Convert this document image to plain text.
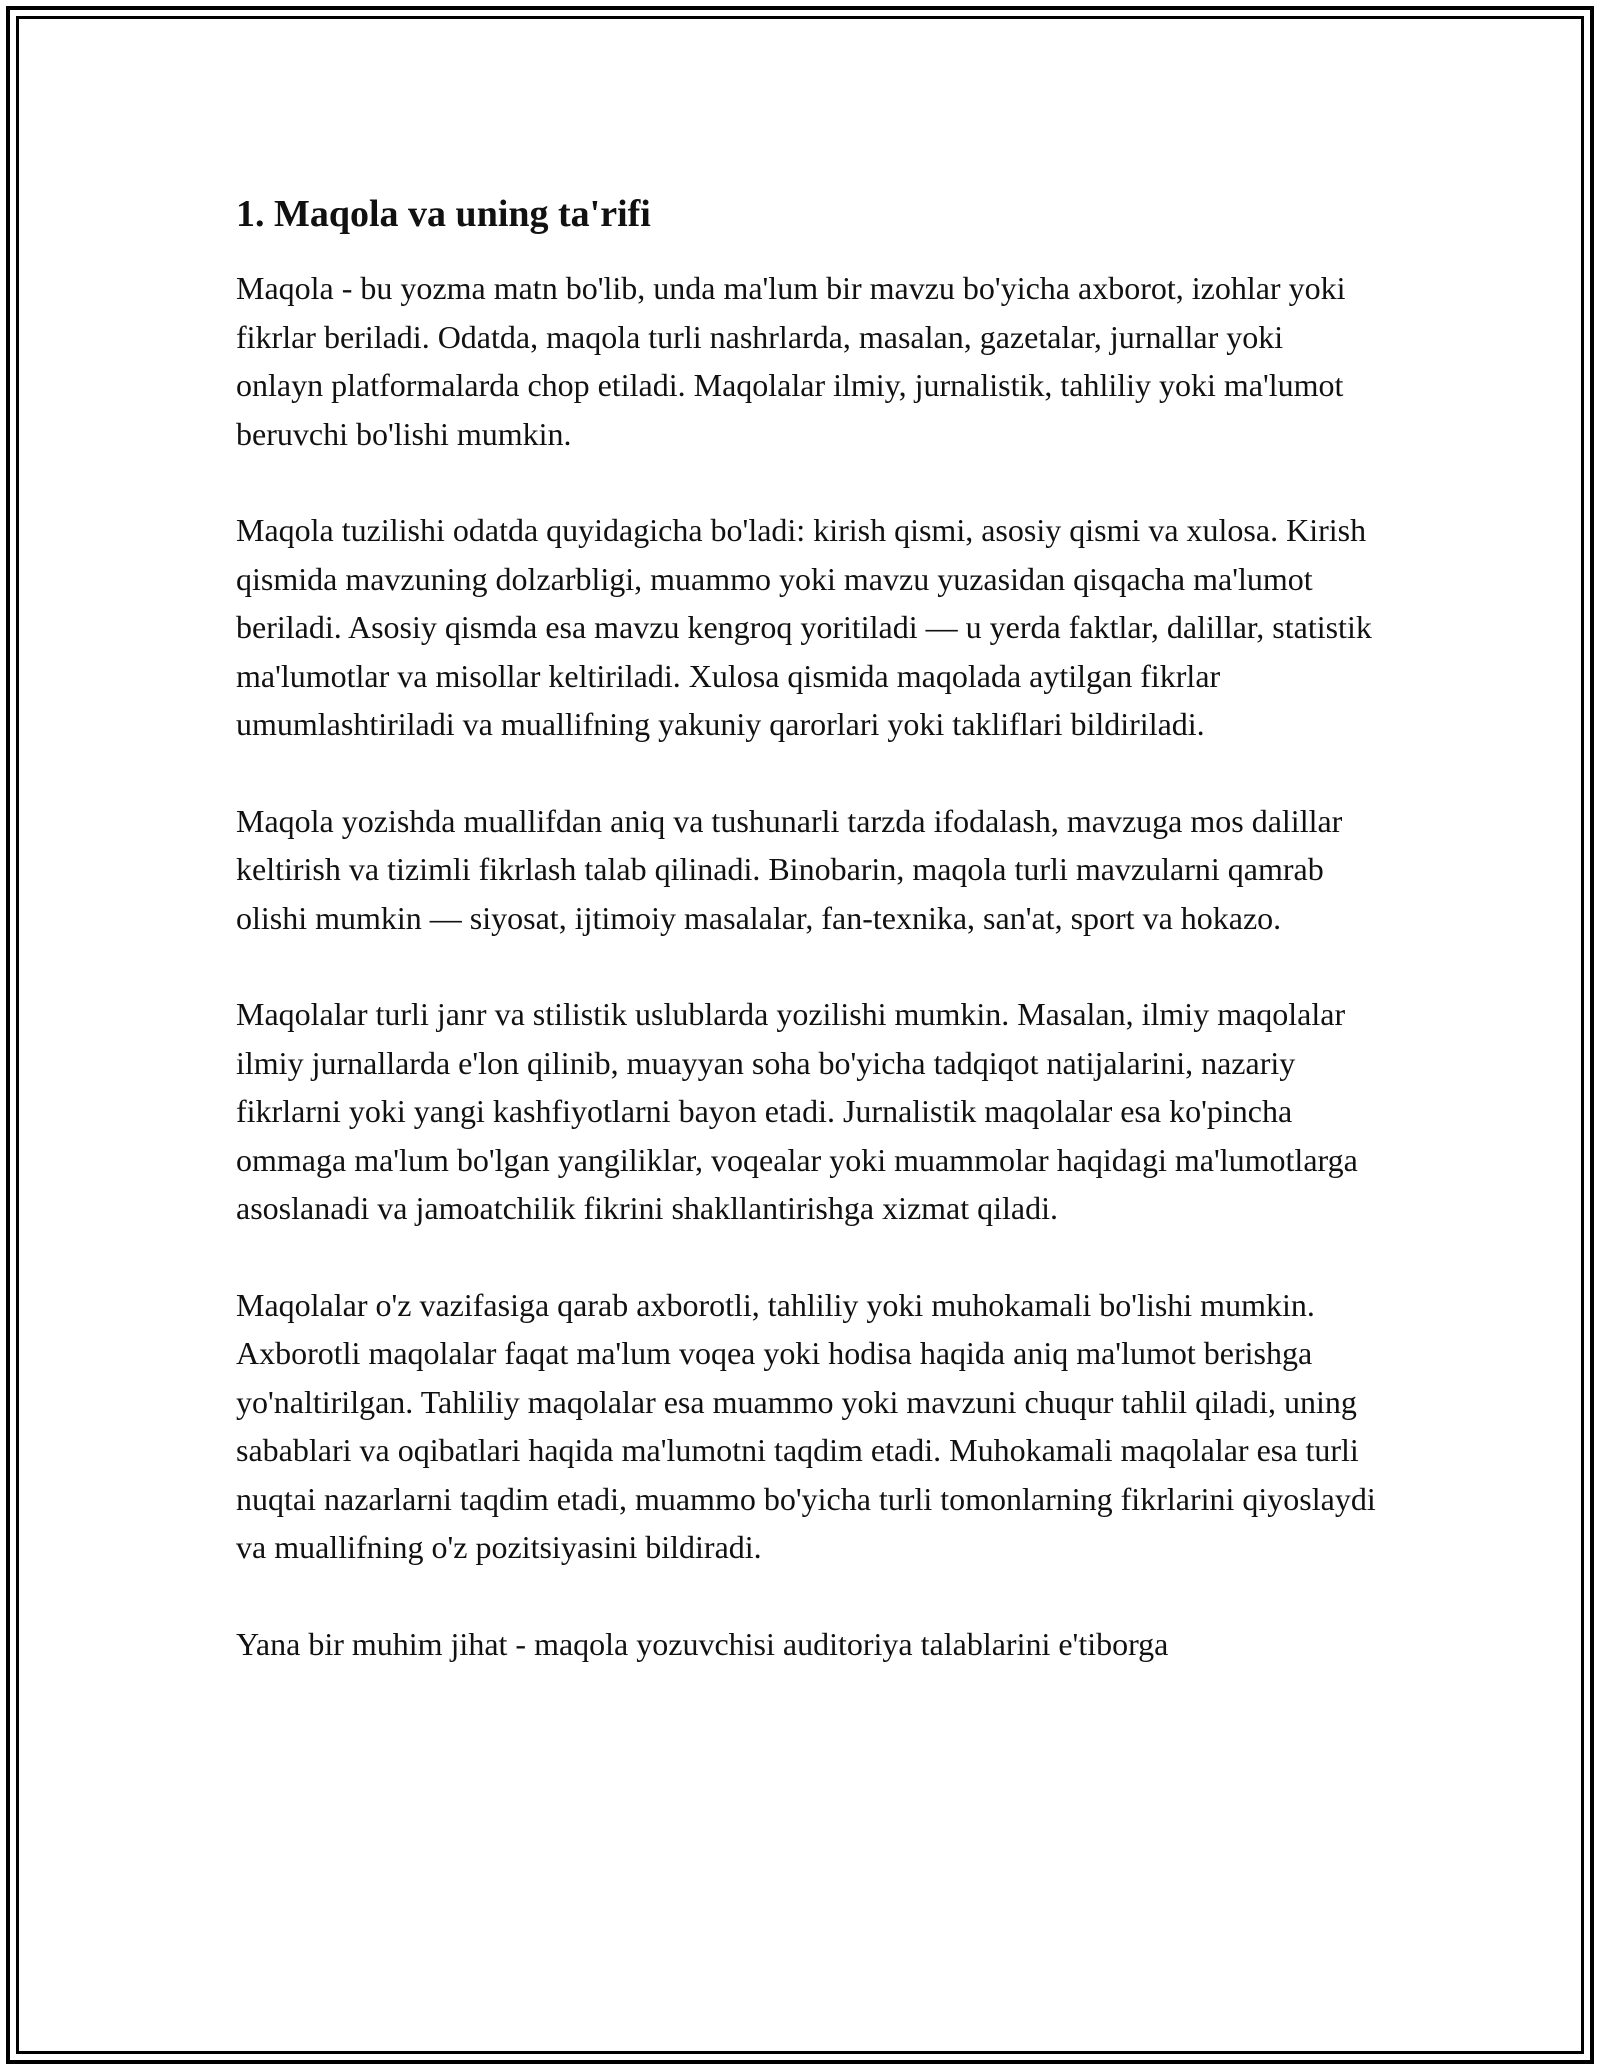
1. Maqola va uning ta'rifi

Maqola - bu yozma matn bo'lib, unda ma'lum bir mavzu bo'yicha axborot, izohlar yoki fikrlar beriladi. Odatda, maqola turli nashrlarda, masalan, gazetalar, jurnallar yoki onlayn platformalarda chop etiladi. Maqolalar ilmiy, jurnalistik, tahliliy yoki ma'lumot beruvchi bo'lishi mumkin.

Maqola tuzilishi odatda quyidagicha bo'ladi: kirish qismi, asosiy qismi va xulosa. Kirish qismida mavzuning dolzarbligi, muammo yoki mavzu yuzasidan qisqacha ma'lumot beriladi. Asosiy qismda esa mavzu kengroq yoritiladi — u yerda faktlar, dalillar, statistik ma'lumotlar va misollar keltiriladi. Xulosa qismida maqolada aytilgan fikrlar umumlashtiriladi va muallifning yakuniy qarorlari yoki takliflari bildiriladi.

Maqola yozishda muallifdan aniq va tushunarli tarzda ifodalash, mavzuga mos dalillar keltirish va tizimli fikrlash talab qilinadi. Binobarin, maqola turli mavzularni qamrab olishi mumkin — siyosat, ijtimoiy masalalar, fan-texnika, san'at, sport va hokazo.

Maqolalar turli janr va stilistik uslublarda yozilishi mumkin. Masalan, ilmiy maqolalar ilmiy jurnallarda e'lon qilinib, muayyan soha bo'yicha tadqiqot natijalarini, nazariy fikrlarni yoki yangi kashfiyotlarni bayon etadi. Jurnalistik maqolalar esa ko'pincha ommaga ma'lum bo'lgan yangiliklar, voqealar yoki muammolar haqidagi ma'lumotlarga asoslanadi va jamoatchilik fikrini shakllantirishga xizmat qiladi.

Maqolalar o'z vazifasiga qarab axborotli, tahliliy yoki muhokamali bo'lishi mumkin. Axborotli maqolalar faqat ma'lum voqea yoki hodisa haqida aniq ma'lumot berishga yo'naltirilgan. Tahliliy maqolalar esa muammo yoki mavzuni chuqur tahlil qiladi, uning sabablari va oqibatlari haqida ma'lumotni taqdim etadi. Muhokamali maqolalar esa turli nuqtai nazarlarni taqdim etadi, muammo bo'yicha turli tomonlarning fikrlarini qiyoslaydi va muallifning o'z pozitsiyasini bildiradi.

Yana bir muhim jihat - maqola yozuvchisi auditoriya talablarini e'tiborga
